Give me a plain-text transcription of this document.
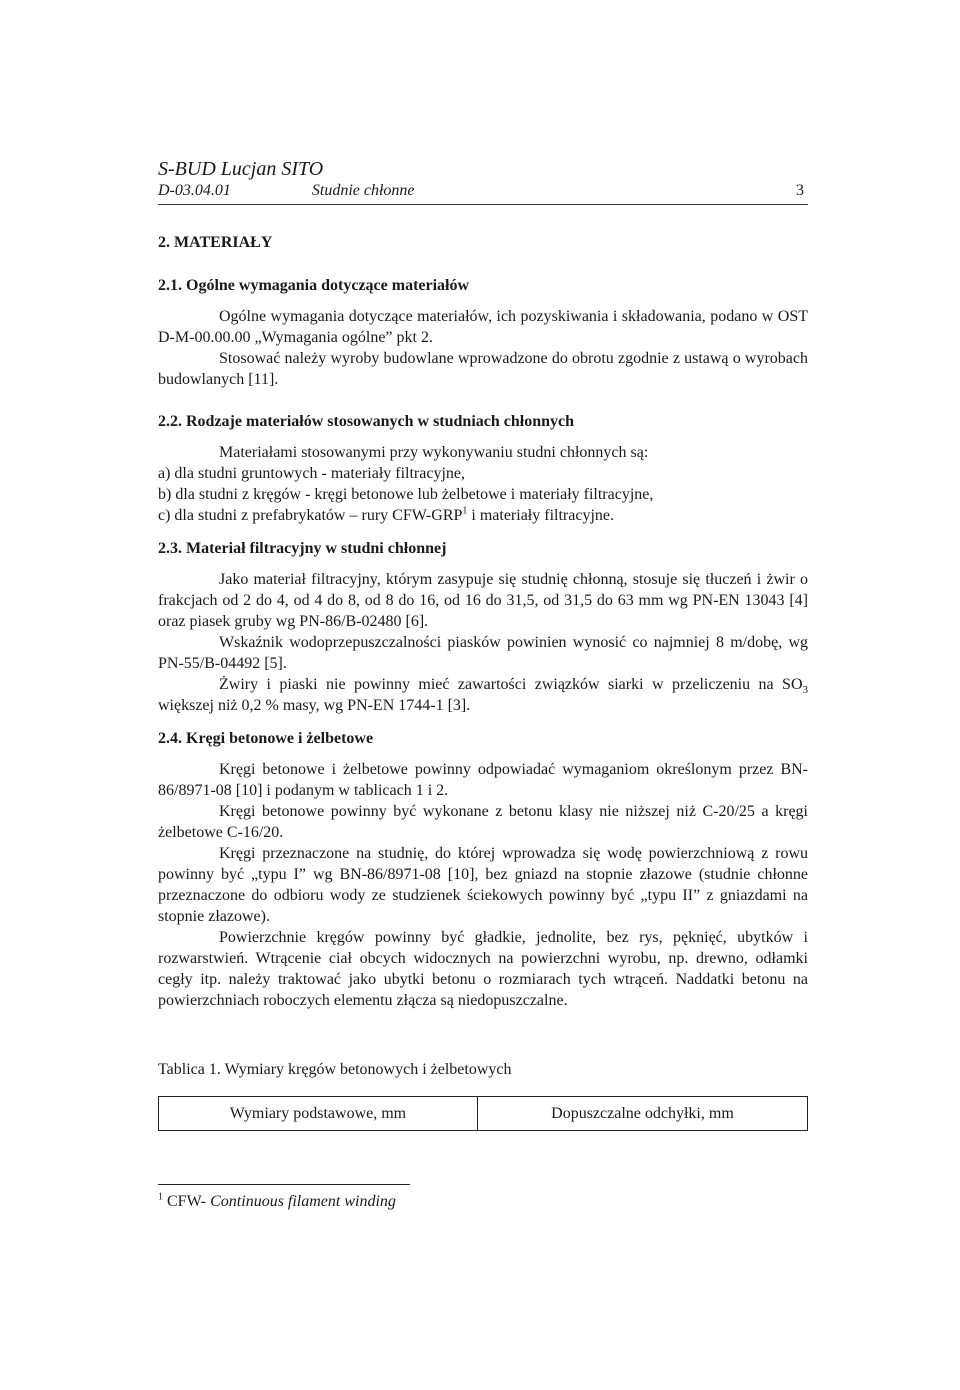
S-BUD Lucjan SITO
D-03.04.01	Studnie chłonne	3
2. MATERIAŁY
2.1. Ogólne wymagania dotyczące materiałów

Ogólne wymagania dotyczące materiałów, ich pozyskiwania i składowania, podano w OST D-M-00.00.00 „Wymagania ogólne” pkt 2.

Stosować należy wyroby budowlane wprowadzone do obrotu zgodnie z ustawą o wyrobach budowlanych [11].

2.2. Rodzaje materiałów stosowanych w studniach chłonnych

Materiałami stosowanymi przy wykonywaniu studni chłonnych są:

a) dla studni gruntowych - materiały filtracyjne,

b) dla studni z kręgów - kręgi betonowe lub żelbetowe i materiały filtracyjne,

c) dla studni z prefabrykatów – rury CFW-GRP$^1$ i materiały filtracyjne.

2.3. Materiał filtracyjny w studni chłonnej

Jako materiał filtracyjny, którym zasypuje się studnię chłonną, stosuje się tłuczeń i żwir o frakcjach od 2 do 4, od 4 do 8, od 8 do 16, od 16 do 31,5, od 31,5 do 63 mm wg PN-EN 13043 [4] oraz piasek gruby wg PN-86/B-02480 [6].

Wskaźnik wodoprzepuszczalności piasków powinien wynosić co najmniej 8 m/dobę, wg PN-55/B-04492 [5].

Żwiry i piaski nie powinny mieć zawartości związków siarki w przeliczeniu na $SO_3$ większej niż 0,2 % masy, wg PN-EN 1744-1 [3].

2.4. Kręgi betonowe i żelbetowe

Kręgi betonowe i żelbetowe powinny odpowiadać wymaganiom określonym przez BN-86/8971-08 [10] i podanym w tablicach 1 i 2.

Kręgi betonowe powinny być wykonane z betonu klasy nie niższej niż C-20/25 a kręgi żelbetowe C-16/20.

Kręgi przeznaczone na studnię, do której wprowadza się wodę powierzchniową z rowu powinny być „typu I” wg BN-86/8971-08 [10], bez gniazd na stopnie złazowe (studnie chłonne przeznaczone do odbioru wody ze studzienek ściekowych powinny być „typu II” z gniazdami na stopnie złazowe).

Powierzchnie kręgów powinny być gładkie, jednolite, bez rys, pęknięć, ubytków i rozwarstwień. Wtrącenie ciał obcych widocznych na powierzchni wyrobu, np. drewno, odłamki cegły itp. należy traktować jako ubytki betonu o rozmiarach tych wtrąceń. Naddatki betonu na powierzchniach roboczych elementu złącza są niedopuszczalne.

Tablica 1. Wymiary kręgów betonowych i żelbetowych

Wymiary podstawowe, mm	Dopuszczalne odchyłki, mm

$^1$ CFW- Continuous filament winding
